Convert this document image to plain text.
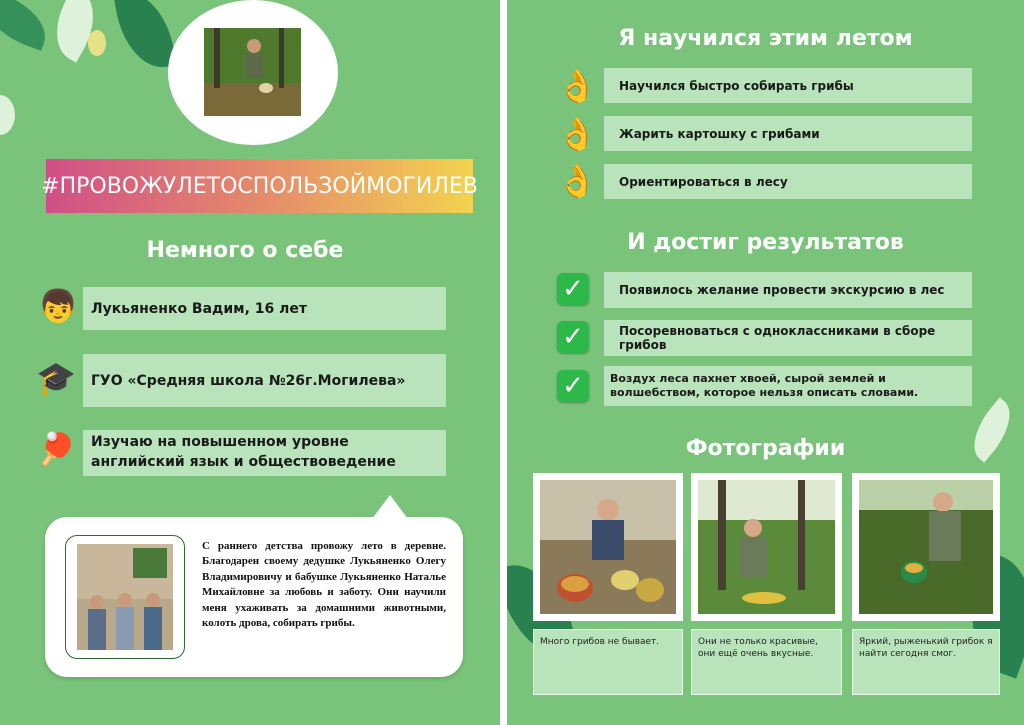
#ПРОВОЖУЛЕТОСПОЛЬЗОЙМОГИЛЕВ
Немного о себе
👦 Лукьяненко Вадим, 16 лет
🎓 ГУО «Средняя школа №26г.Могилева»
🏓 Изучаю на повышенном уровне английский язык и обществоведение
С раннего детства провожу лето в деревне. Благодарен своему дедушке Лукьяненко Олегу Владимировичу и бабушке Лукьяненко Наталье Михайловне за любовь и заботу. Они научили меня ухаживать за домашними животными, колоть дрова, собирать грибы.
Я научился этим летом
👌 Научился быстро собирать грибы
👌 Жарить картошку с грибами
👌 Ориентироваться в лесу
И достиг результатов
✓	Появилось желание провести экскурсию в лес
✓	Посоревноваться с одноклассниками в сборе грибов
✓	Воздух леса пахнет хвоей, сырой землей и волшебством, которое нельзя описать словами.
Фотографии
Много грибов не бывает.	Они не только красивые, они ещё очень вкусные.
Яркий, рыженький грибок я найти сегодня смог.
